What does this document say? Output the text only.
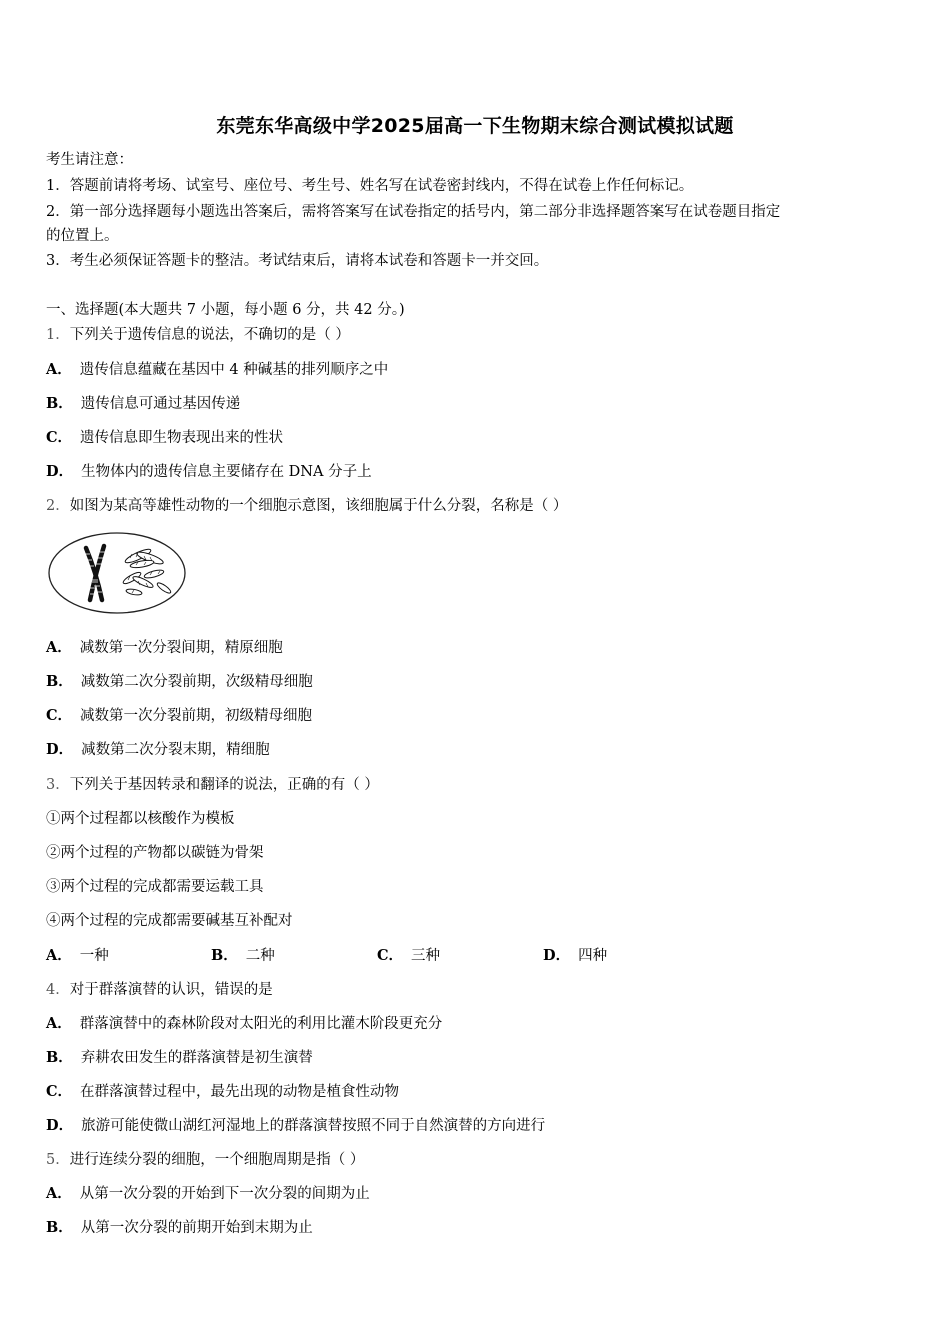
东莞东华高级中学2025届高一下生物期末综合测试模拟试题
考生请注意：
1．答题前请将考场、试室号、座位号、考生号、姓名写在试卷密封线内，不得在试卷上作任何标记。
2．第一部分选择题每小题选出答案后，需将答案写在试卷指定的括号内，第二部分非选择题答案写在试卷题目指定
的位置上。
3．考生必须保证答题卡的整洁。考试结束后，请将本试卷和答题卡一并交回。
一、选择题(本大题共 7 小题，每小题 6 分，共 42 分。)
1．下列关于遗传信息的说法，不确切的是（ ）
A． 遗传信息蕴藏在基因中 4 种碱基的排列顺序之中
B． 遗传信息可通过基因传递
C． 遗传信息即生物表现出来的性状
D． 生物体内的遗传信息主要储存在 DNA 分子上
2．如图为某高等雄性动物的一个细胞示意图，该细胞属于什么分裂，名称是（ ）
A． 减数第一次分裂间期，精原细胞
B． 减数第二次分裂前期，次级精母细胞
C． 减数第一次分裂前期，初级精母细胞
D． 减数第二次分裂末期，精细胞
3．下列关于基因转录和翻译的说法，正确的有（ ）
①两个过程都以核酸作为模板
②两个过程的产物都以碳链为骨架
③两个过程的完成都需要运载工具
④两个过程的完成都需要碱基互补配对
A． 一种	B． 二种	C． 三种	D． 四种
4．对于群落演替的认识，错误的是
A． 群落演替中的森林阶段对太阳光的利用比灌木阶段更充分
B． 弃耕农田发生的群落演替是初生演替
C． 在群落演替过程中，最先出现的动物是植食性动物
D． 旅游可能使微山湖红河湿地上的群落演替按照不同于自然演替的方向进行
5．进行连续分裂的细胞，一个细胞周期是指（ ）
A． 从第一次分裂的开始到下一次分裂的间期为止
B． 从第一次分裂的前期开始到末期为止
